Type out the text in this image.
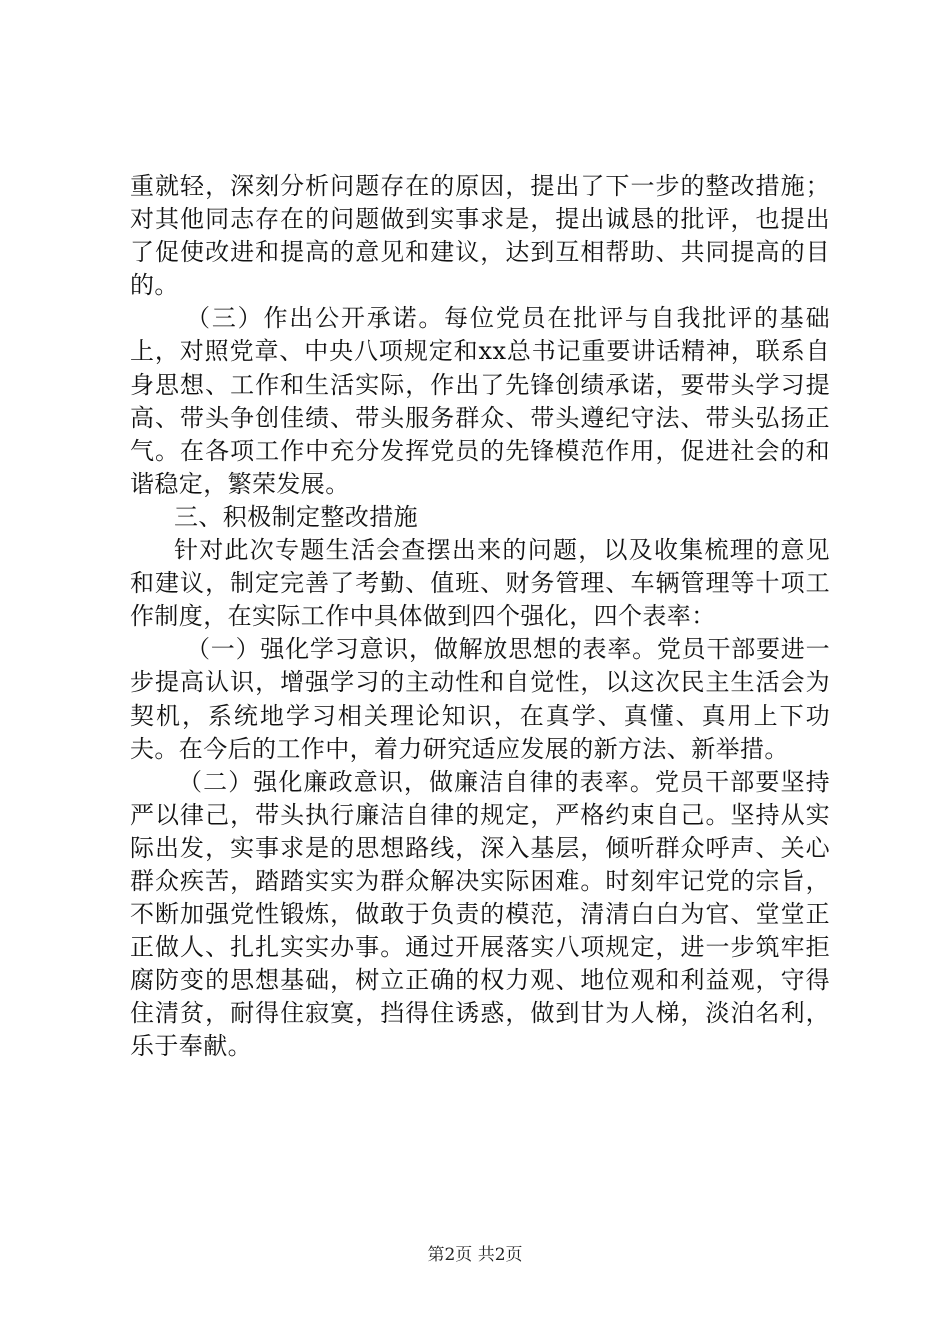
重就轻，深刻分析问题存在的原因，提出了下一步的整改措施；对其他同志存在的问题做到实事求是，提出诚恳的批评，也提出了促使改进和提高的意见和建议，达到互相帮助、共同提高的目的。

（三）作出公开承诺。每位党员在批评与自我批评的基础上，对照党章、中央八项规定和xx总书记重要讲话精神，联系自身思想、工作和生活实际，作出了先锋创绩承诺，要带头学习提高、带头争创佳绩、带头服务群众、带头遵纪守法、带头弘扬正气。在各项工作中充分发挥党员的先锋模范作用，促进社会的和谐稳定，繁荣发展。

三、积极制定整改措施

针对此次专题生活会查摆出来的问题，以及收集梳理的意见和建议，制定完善了考勤、值班、财务管理、车辆管理等十项工作制度，在实际工作中具体做到四个强化，四个表率：

（一）强化学习意识，做解放思想的表率。党员干部要进一步提高认识，增强学习的主动性和自觉性，以这次民主生活会为契机，系统地学习相关理论知识，在真学、真懂、真用上下功夫。在今后的工作中，着力研究适应发展的新方法、新举措。

（二）强化廉政意识，做廉洁自律的表率。党员干部要坚持严以律己，带头执行廉洁自律的规定，严格约束自己。坚持从实际出发，实事求是的思想路线，深入基层，倾听群众呼声、关心群众疾苦，踏踏实实为群众解决实际困难。时刻牢记党的宗旨，不断加强党性锻炼，做敢于负责的模范，清清白白为官、堂堂正正做人、扎扎实实办事。通过开展落实八项规定，进一步筑牢拒腐防变的思想基础，树立正确的权力观、地位观和利益观，守得住清贫，耐得住寂寞，挡得住诱惑，做到甘为人梯，淡泊名利，乐于奉献。

第2页 共2页
